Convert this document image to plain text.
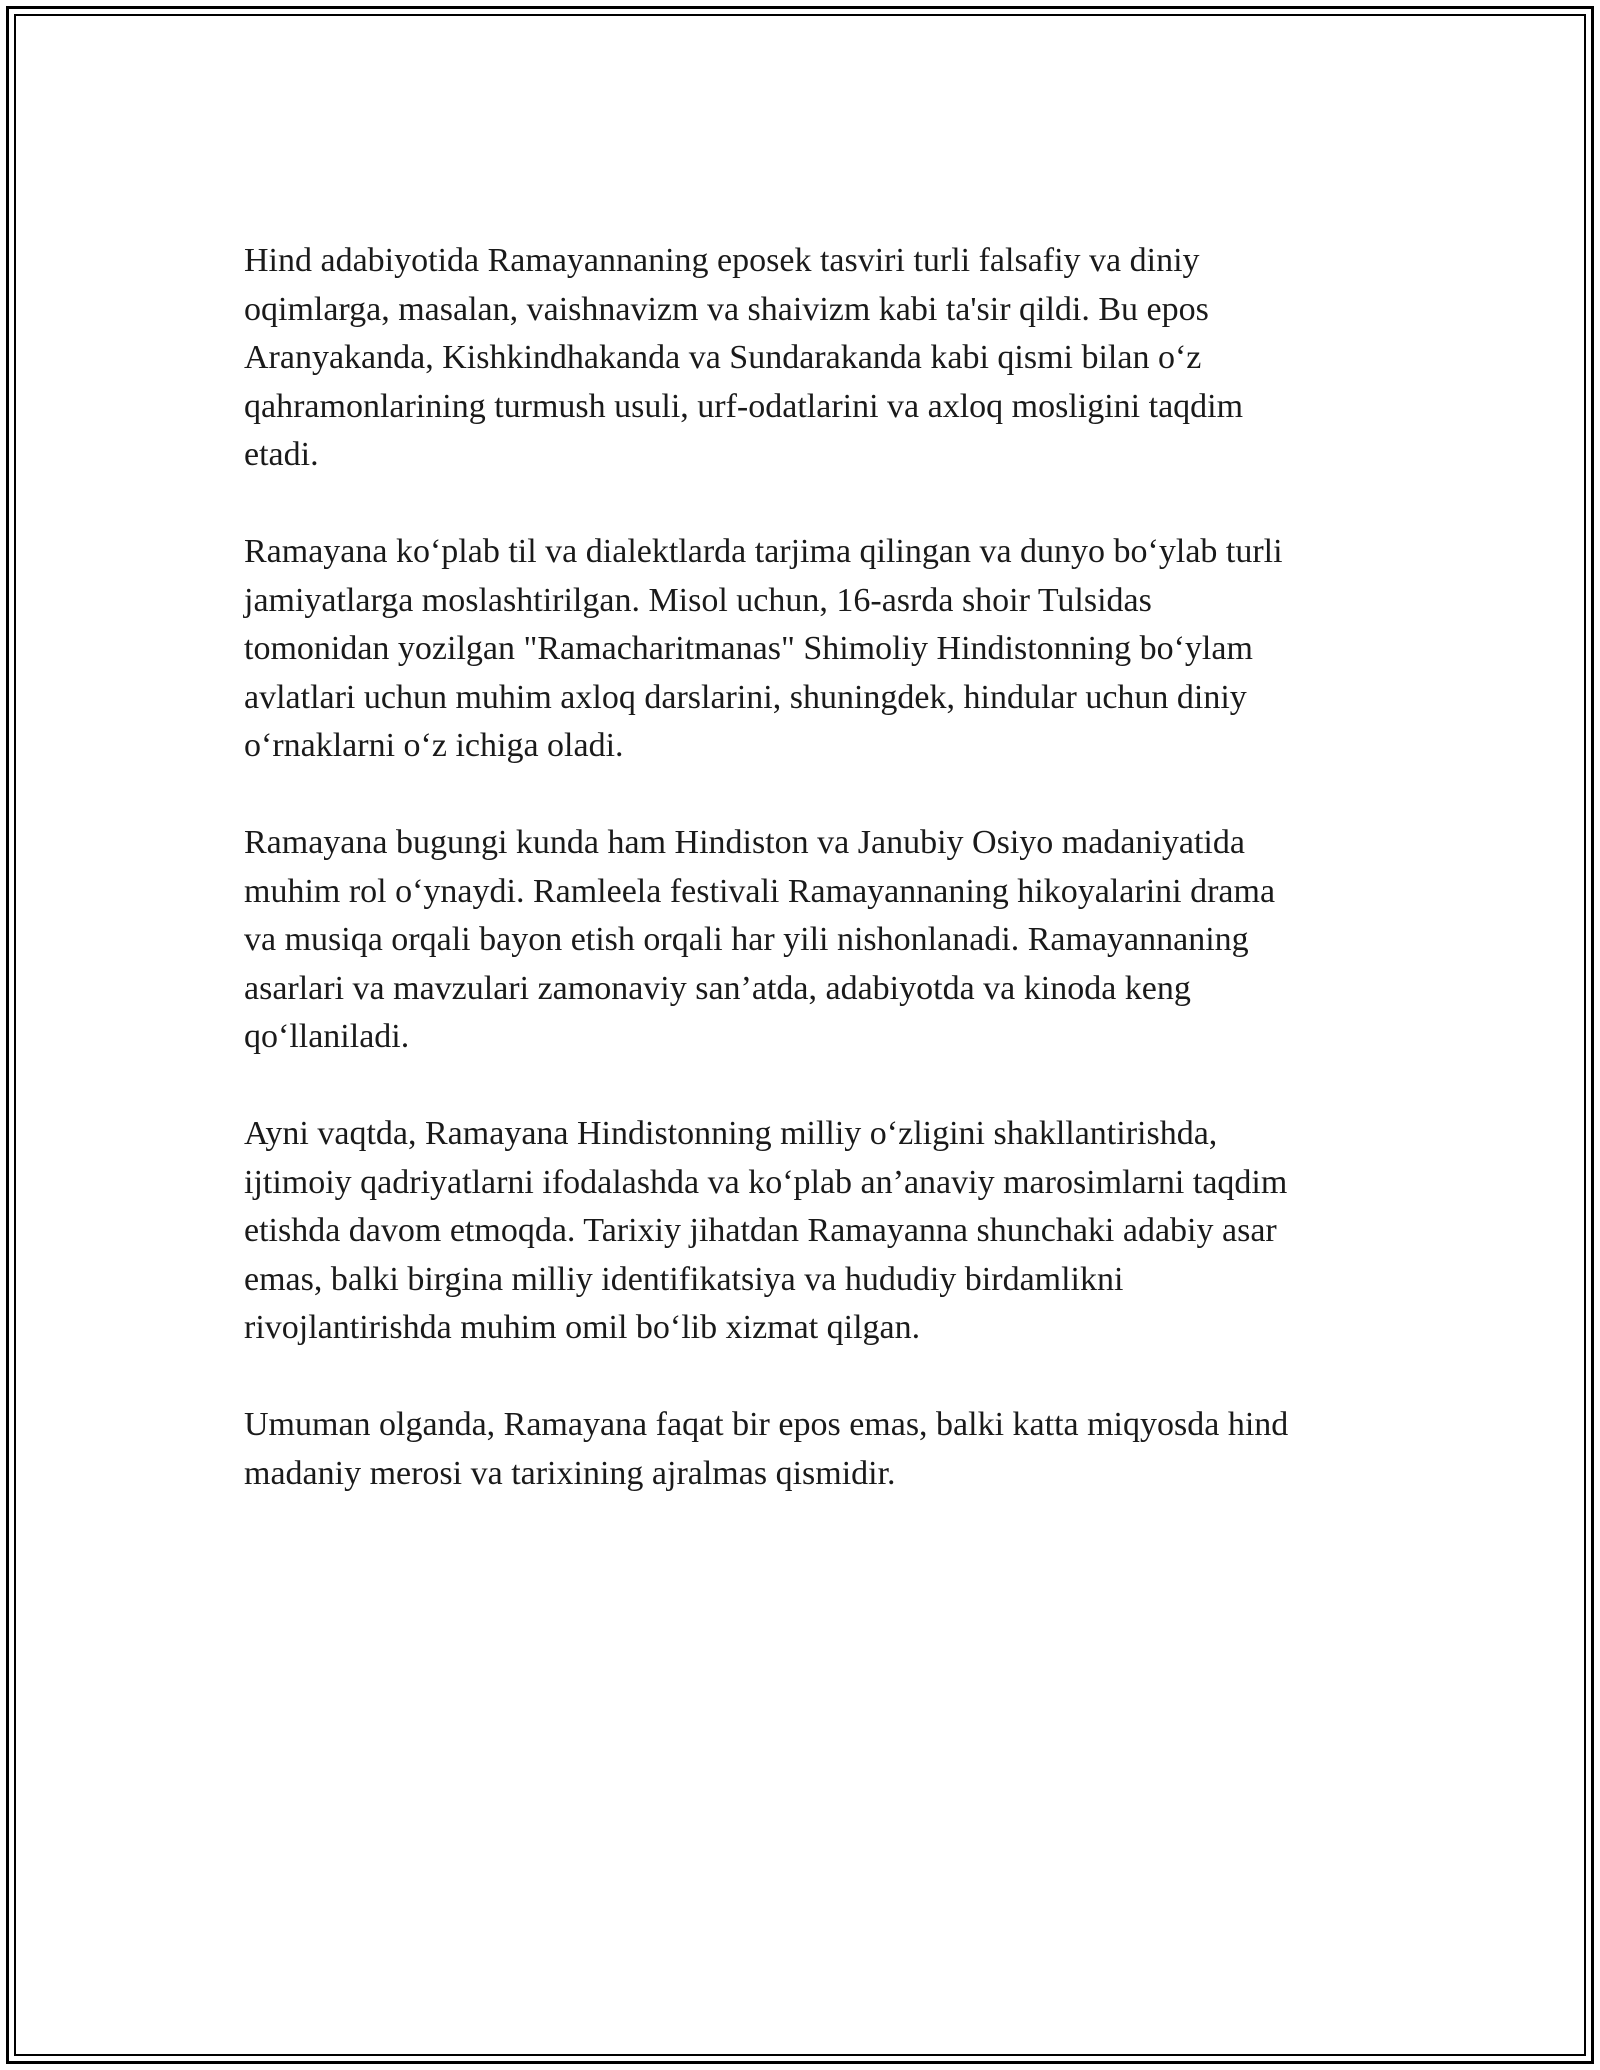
Hind adabiyotida Ramayannaning eposek tasviri turli falsafiy va diniy
oqimlarga, masalan, vaishnavizm va shaivizm kabi ta'sir qildi. Bu epos
Aranyakanda, Kishkindhakanda va Sundarakanda kabi qismi bilan o‘z
qahramonlarining turmush usuli, urf-odatlarini va axloq mosligini taqdim
etadi.

Ramayana ko‘plab til va dialektlarda tarjima qilingan va dunyo bo‘ylab turli
jamiyatlarga moslashtirilgan. Misol uchun, 16-asrda shoir Tulsidas
tomonidan yozilgan "Ramacharitmanas" Shimoliy Hindistonning bo‘ylam
avlatlari uchun muhim axloq darslarini, shuningdek, hindular uchun diniy
o‘rnaklarni o‘z ichiga oladi.

Ramayana bugungi kunda ham Hindiston va Janubiy Osiyo madaniyatida
muhim rol o‘ynaydi. Ramleela festivali Ramayannaning hikoyalarini drama
va musiqa orqali bayon etish orqali har yili nishonlanadi. Ramayannaning
asarlari va mavzulari zamonaviy san’atda, adabiyotda va kinoda keng
qo‘llaniladi.

Ayni vaqtda, Ramayana Hindistonning milliy o‘zligini shakllantirishda,
ijtimoiy qadriyatlarni ifodalashda va ko‘plab an’anaviy marosimlarni taqdim
etishda davom etmoqda. Tarixiy jihatdan Ramayanna shunchaki adabiy asar
emas, balki birgina milliy identifikatsiya va hududiy birdamlikni
rivojlantirishda muhim omil bo‘lib xizmat qilgan.

Umuman olganda, Ramayana faqat bir epos emas, balki katta miqyosda hind
madaniy merosi va tarixining ajralmas qismidir.
